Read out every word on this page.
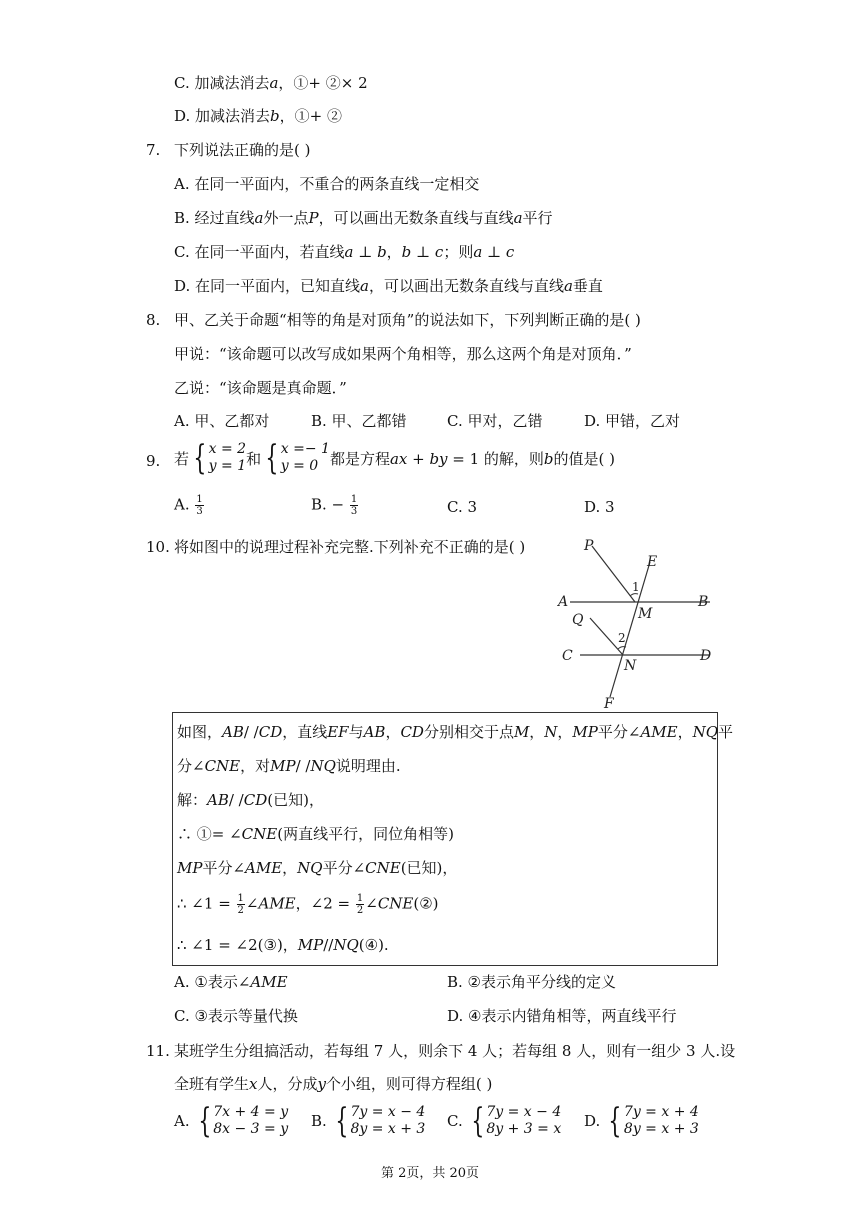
C. 加减法消去𝑎，①+ ②× 2
D. 加减法消去𝑏，①+ ②
7. 下列说法正确的是( )
A. 在同一平面内，不重合的两条直线一定相交
B. 经过直线𝑎外一点𝑃，可以画出无数条直线与直线𝑎平行
C. 在同一平面内，若直线𝑎 ⊥ 𝑏，𝑏 ⊥ 𝑐；则𝑎 ⊥ 𝑐
D. 在同一平面内，已知直线𝑎，可以画出无数条直线与直线𝑎垂直
8. 甲、乙关于命题“相等的角是对顶角”的说法如下，下列判断正确的是( )
甲说：“该命题可以改写成如果两个角相等，那么这两个角是对顶角．”
乙说：“该命题是真命题．”
A. 甲、乙都对	B. 甲、乙都错	C. 甲对，乙错	D. 甲错，乙对
9. 若 { 𝑥 = 2
𝑦 = 1 和 { 𝑥 =− 1
𝑦 = 0 都是方程𝑎𝑥 + 𝑏𝑦 = 1 的解，则𝑏的值是( )
A. $\frac{1}{3}$	B. − $\frac{1}{3}$	C. 3	D. 3
10. 将如图中的说理过程补充完整.下列补充不正确的是( )	P
E
1
A
M
B
Q
2
C
N
D
F
如图，𝐴𝐵/ /𝐶𝐷，直线𝐸𝐹与𝐴𝐵，𝐶𝐷分别相交于点𝑀，𝑁，𝑀𝑃平分∠𝐴𝑀𝐸，𝑁𝑄平
分∠𝐶𝑁𝐸，对𝑀𝑃/ /𝑁𝑄说明理由.
解：𝐴𝐵/ /𝐶𝐷(已知)，
∴ ①= ∠𝐶𝑁𝐸(两直线平行，同位角相等)
𝑀𝑃平分∠𝐴𝑀𝐸，𝑁𝑄平分∠𝐶𝑁𝐸(已知)，
∴ ∠1 = $\frac{1}{2}$ ∠𝐴𝑀𝐸，∠2 = $\frac{1}{2}$ ∠𝐶𝑁𝐸(②)
∴ ∠1 = ∠2(③)，𝑀𝑃//𝑁𝑄(④).
A. ①表示∠𝐴𝑀𝐸	B. ②表示角平分线的定义
C. ③表示等量代换	D. ④表示内错角相等，两直线平行
11. 某班学生分组搞活动，若每组 7 人，则余下 4 人；若每组 8 人，则有一组少 3 人.设
全班有学生𝑥人，分成𝑦个小组，则可得方程组( )
A. { 7𝑥 + 4 = 𝑦
8𝑥 − 3 = 𝑦 B. { 7𝑦 = 𝑥 − 4
8𝑦 = 𝑥 + 3 C. { 7𝑦 = 𝑥 − 4
8𝑦 + 3 = 𝑥 D. { 7𝑦 = 𝑥 + 4
8𝑦 = 𝑥 + 3
第 2页，共 20页
